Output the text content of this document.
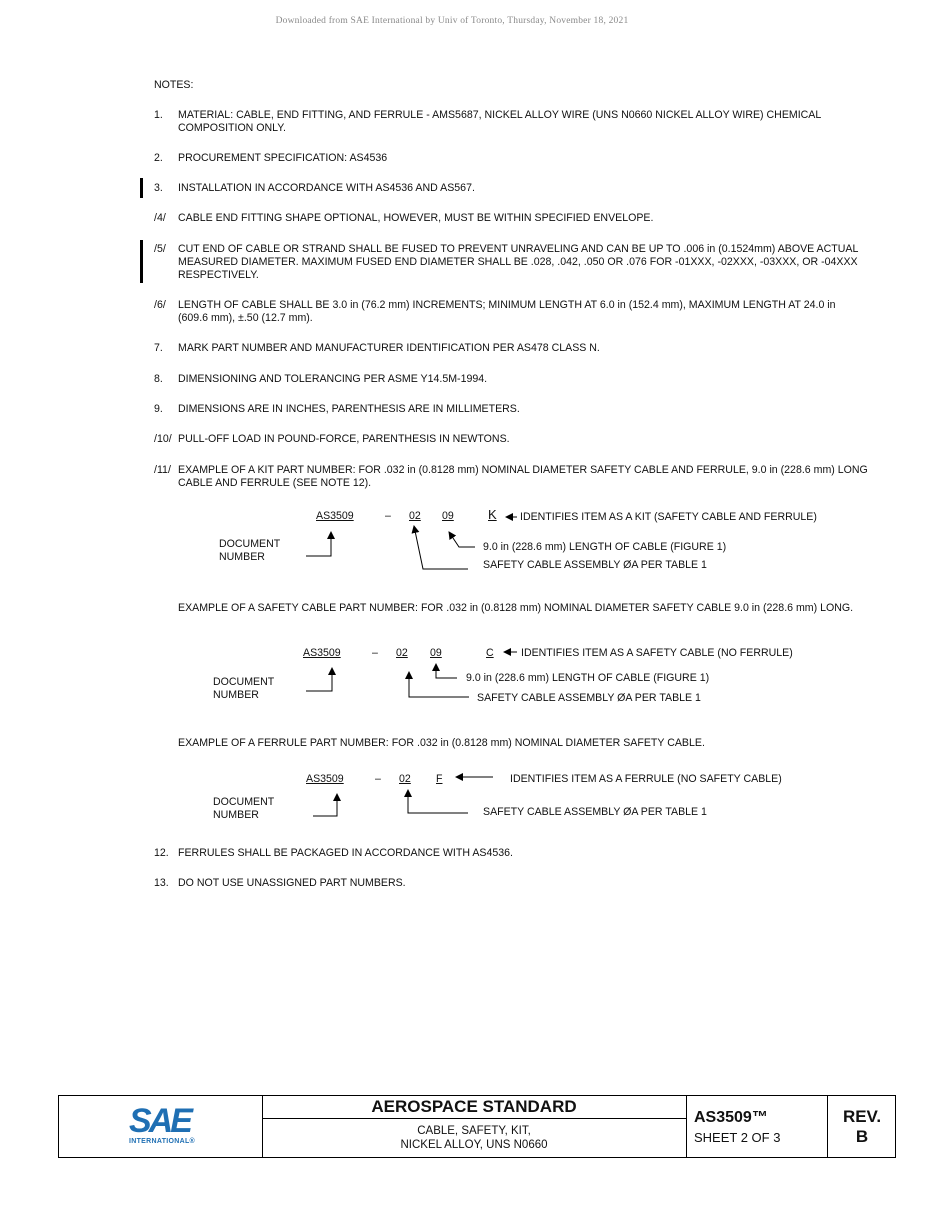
Downloaded from SAE International by Univ of Toronto, Thursday, November 18, 2021
NOTES:
1. MATERIAL: CABLE, END FITTING, AND FERRULE - AMS5687, NICKEL ALLOY WIRE (UNS N0660 NICKEL ALLOY WIRE) CHEMICAL COMPOSITION ONLY.
2. PROCUREMENT SPECIFICATION: AS4536
3. INSTALLATION IN ACCORDANCE WITH AS4536 AND AS567.
/4/ CABLE END FITTING SHAPE OPTIONAL, HOWEVER, MUST BE WITHIN SPECIFIED ENVELOPE.
/5/ CUT END OF CABLE OR STRAND SHALL BE FUSED TO PREVENT UNRAVELING AND CAN BE UP TO .006 in (0.1524mm) ABOVE ACTUAL MEASURED DIAMETER. MAXIMUM FUSED END DIAMETER SHALL BE .028, .042, .050 OR .076 FOR -01XXX, -02XXX, -03XXX, OR -04XXX RESPECTIVELY.
/6/ LENGTH OF CABLE SHALL BE 3.0 in (76.2 mm) INCREMENTS; MINIMUM LENGTH AT 6.0 in (152.4 mm), MAXIMUM LENGTH AT 24.0 in (609.6 mm), ±.50 (12.7 mm).
7. MARK PART NUMBER AND MANUFACTURER IDENTIFICATION PER AS478 CLASS N.
8. DIMENSIONING AND TOLERANCING PER ASME Y14.5M-1994.
9. DIMENSIONS ARE IN INCHES, PARENTHESIS ARE IN MILLIMETERS.
/10/ PULL-OFF LOAD IN POUND-FORCE, PARENTHESIS IN NEWTONS.
/11/ EXAMPLE OF A KIT PART NUMBER: FOR .032 in (0.8128 mm) NOMINAL DIAMETER SAFETY CABLE AND FERRULE, 9.0 in (228.6 mm) LONG CABLE AND FERRULE (SEE NOTE 12).
AS3509	– 02 09	K IDENTIFIES ITEM AS A KIT (SAFETY CABLE AND FERRULE)
9.0 in (228.6 mm) LENGTH OF CABLE (FIGURE 1)
SAFETY CABLE ASSEMBLY ØA PER TABLE 1
DOCUMENT
NUMBER
EXAMPLE OF A SAFETY CABLE PART NUMBER: FOR .032 in (0.8128 mm) NOMINAL DIAMETER SAFETY CABLE 9.0 in (228.6 mm) LONG.
AS3509	– 02 09	C	IDENTIFIES ITEM AS A SAFETY CABLE (NO FERRULE)
9.0 in (228.6 mm) LENGTH OF CABLE (FIGURE 1)
SAFETY CABLE ASSEMBLY ØA PER TABLE 1
DOCUMENT
NUMBER
EXAMPLE OF A FERRULE PART NUMBER: FOR .032 in (0.8128 mm) NOMINAL DIAMETER SAFETY CABLE.
AS3509	– 02 F	IDENTIFIES ITEM AS A FERRULE (NO SAFETY CABLE)
SAFETY CABLE ASSEMBLY ØA PER TABLE 1
DOCUMENT
NUMBER
12. FERRULES SHALL BE PACKAGED IN ACCORDANCE WITH AS4536.
13. DO NOT USE UNASSIGNED PART NUMBERS.
SAE
INTERNATIONAL®
AEROSPACE STANDARD
CABLE, SAFETY, KIT,
NICKEL ALLOY, UNS N0660
AS3509™
SHEET 2 OF 3
REV.
B
